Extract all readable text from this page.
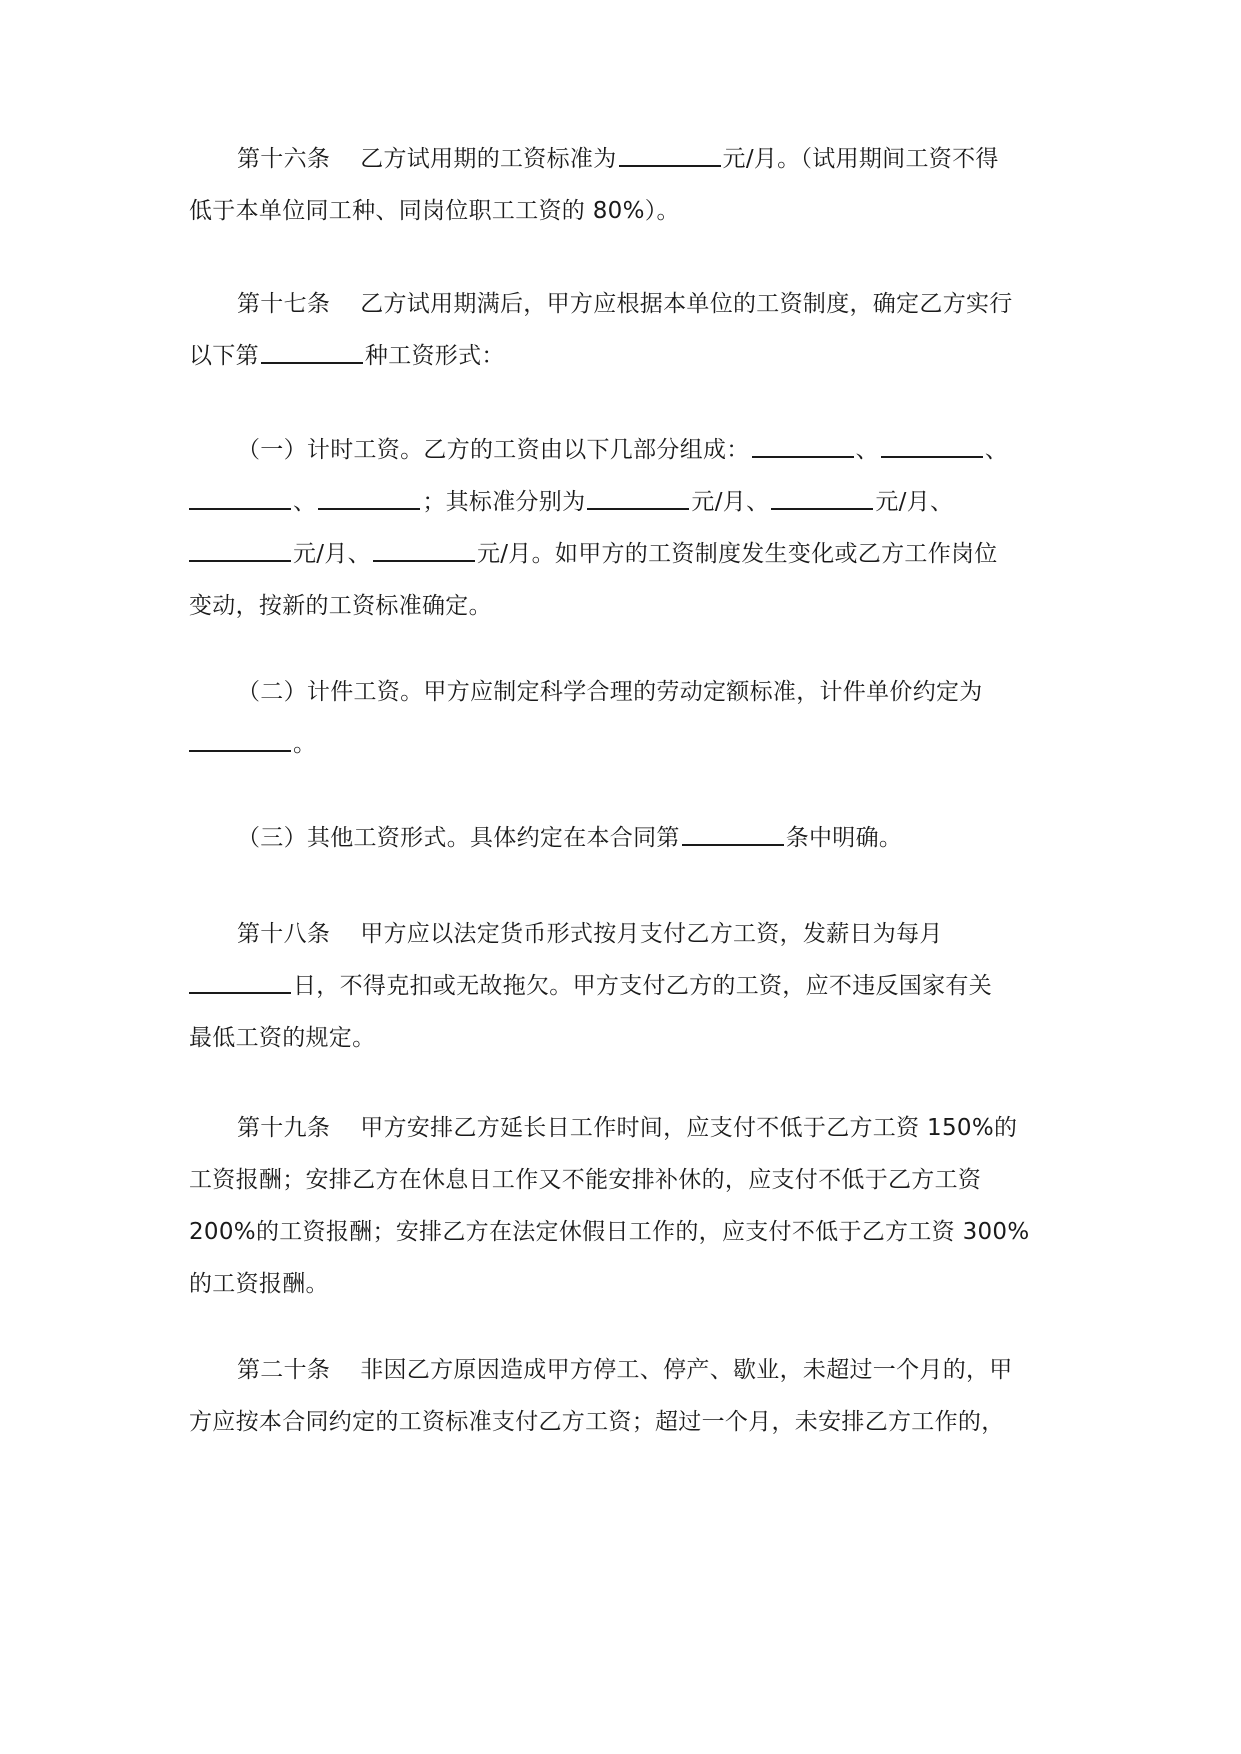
第十六条 乙方试用期的工资标准为	元/月。（试用期间工资不得
低于本单位同工种、同岗位职工工资的 80%）。
第十七条 乙方试用期满后，甲方应根据本单位的工资制度，确定乙方实行
以下第	种工资形式：
（一）计时工资。乙方的工资由以下几部分组成：	、	、
、	；其标准分别为	元/月、	元/月、
元/月、	元/月。如甲方的工资制度发生变化或乙方工作岗位
变动，按新的工资标准确定。
（二）计件工资。甲方应制定科学合理的劳动定额标准，计件单价约定为
。
（三）其他工资形式。具体约定在本合同第	条中明确。
第十八条 甲方应以法定货币形式按月支付乙方工资，发薪日为每月
日，不得克扣或无故拖欠。甲方支付乙方的工资，应不违反国家有关
最低工资的规定。
第十九条 甲方安排乙方延长日工作时间，应支付不低于乙方工资 150%的
工资报酬；安排乙方在休息日工作又不能安排补休的，应支付不低于乙方工资
200%的工资报酬；安排乙方在法定休假日工作的，应支付不低于乙方工资 300%
的工资报酬。
第二十条 非因乙方原因造成甲方停工、停产、歇业，未超过一个月的，甲
方应按本合同约定的工资标准支付乙方工资；超过一个月，未安排乙方工作的，
